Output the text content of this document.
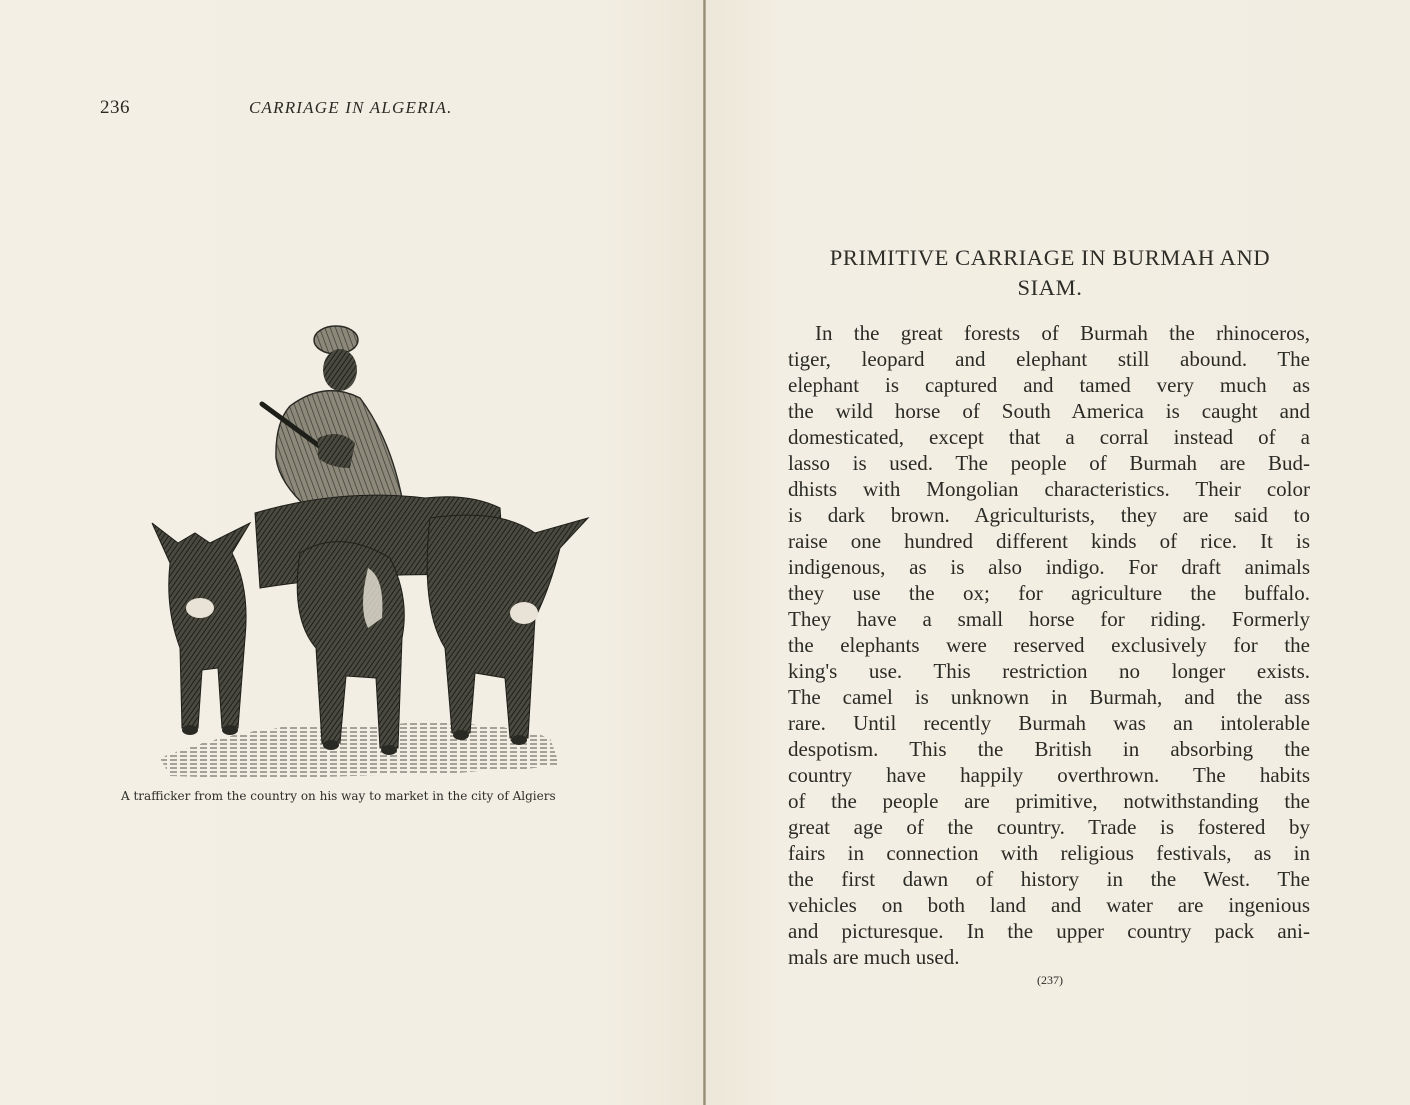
236	CARRIAGE IN ALGERIA.
A trafficker from the country on his way to market in the city of Algiers
PRIMITIVE CARRIAGE IN BURMAH AND
SIAM.
In the great forests of Burmah the rhinoceros,
tiger, leopard and elephant still abound. The
elephant is captured and tamed very much as
the wild horse of South America is caught and
domesticated, except that a corral instead of a
lasso is used. The people of Burmah are Bud-
dhists with Mongolian characteristics. Their color
is dark brown. Agriculturists, they are said to
raise one hundred different kinds of rice. It is
indigenous, as is also indigo. For draft animals
they use the ox; for agriculture the buffalo.
They have a small horse for riding. Formerly
the elephants were reserved exclusively for the
king's use. This restriction no longer exists.
The camel is unknown in Burmah, and the ass
rare. Until recently Burmah was an intolerable
despotism. This the British in absorbing the
country have happily overthrown. The habits
of the people are primitive, notwithstanding the
great age of the country. Trade is fostered by
fairs in connection with religious festivals, as in
the first dawn of history in the West. The
vehicles on both land and water are ingenious
and picturesque. In the upper country pack ani-
mals are much used.
(237)
